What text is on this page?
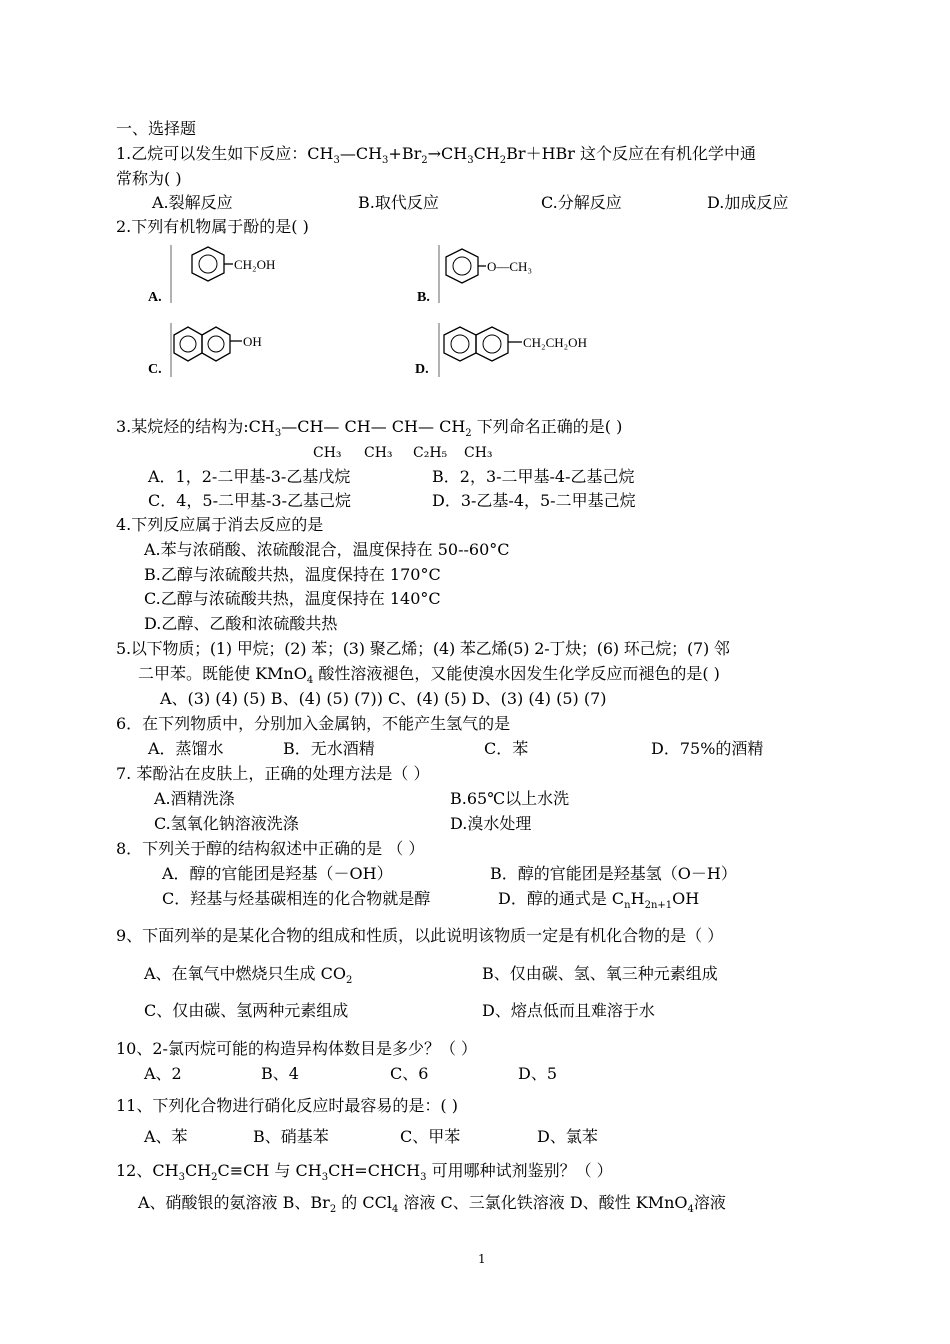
一、选择题
1.乙烷可以发生如下反应：$CH_3—CH_3+Br_2\to CH_3CH_2Br+HBr$ 这个反应在有机化学中通
常称为( )
A.裂解反应	B.取代反应	C.分解反应	D.加成反应
2.下列有机物属于酚的是( )
A.
CH₂OH
B.
O—CH₃
C.
OH
D.
CH₂CH₂OH
3.某烷烃的结构为$:CH_3—CH—$ CH— CH— $CH_2$ 下列命名正确的是( )
CH₃ CH₃ C₂H₅ CH₃
A．1，2-二甲基-3-乙基戊烷	B．2，3-二甲基-4-乙基己烷
C．4，5-二甲基-3-乙基己烷	D．3-乙基-4，5-二甲基己烷
4.下列反应属于消去反应的是
A.苯与浓硝酸、浓硫酸混合，温度保持在 50--60°C
B.乙醇与浓硫酸共热，温度保持在 170°C
C.乙醇与浓硫酸共热，温度保持在 140°C
D.乙醇、乙酸和浓硫酸共热
5.以下物质；(1) 甲烷；(2) 苯；(3) 聚乙烯；(4) 苯乙烯(5) 2-丁炔；(6) 环己烷；(7) 邻
二甲苯。既能使 KMnO$_4$ 酸性溶液褪色，又能使溴水因发生化学反应而褪色的是( )
A、(3) (4) (5) B、(4) (5) (7)) C、(4) (5) D、(3) (4) (5) (7)
6．在下列物质中，分别加入金属钠，不能产生氢气的是
A．蒸馏水	B．无水酒精	C．苯	D．75%的酒精
7. 苯酚沾在皮肤上，正确的处理方法是（ ）
A.酒精洗涤	B.65℃以上水洗
C.氢氧化钠溶液洗涤	D.溴水处理
8．下列关于醇的结构叙述中正确的是 （ ）
A．醇的官能团是羟基（－OH）	B．醇的官能团是羟基氢（O－H）
C．羟基与烃基碳相连的化合物就是醇	D．醇的通式是 $C_nH_{2n+1}OH$
9、下面列举的是某化合物的组成和性质，以此说明该物质一定是有机化合物的是（ ）
A、在氧气中燃烧只生成 $CO_2$	B、仅由碳、氢、氧三种元素组成
C、仅由碳、氢两种元素组成	D、熔点低而且难溶于水
10、2-氯丙烷可能的构造异构体数目是多少？（ ）
A、2	B、4	C、6	D、5
11、下列化合物进行硝化反应时最容易的是：( )
A、苯	B、硝基苯	C、甲苯	D、氯苯
12、$CH_3CH_2C\equiv CH$ 与 $CH_3CH=CHCH_3$ 可用哪种试剂鉴别？（ ）
A、硝酸银的氨溶液 B、$Br_2$ 的 CCl$_4$ 溶液 C、三氯化铁溶液 D、酸性 KMnO$_4$溶液
1
